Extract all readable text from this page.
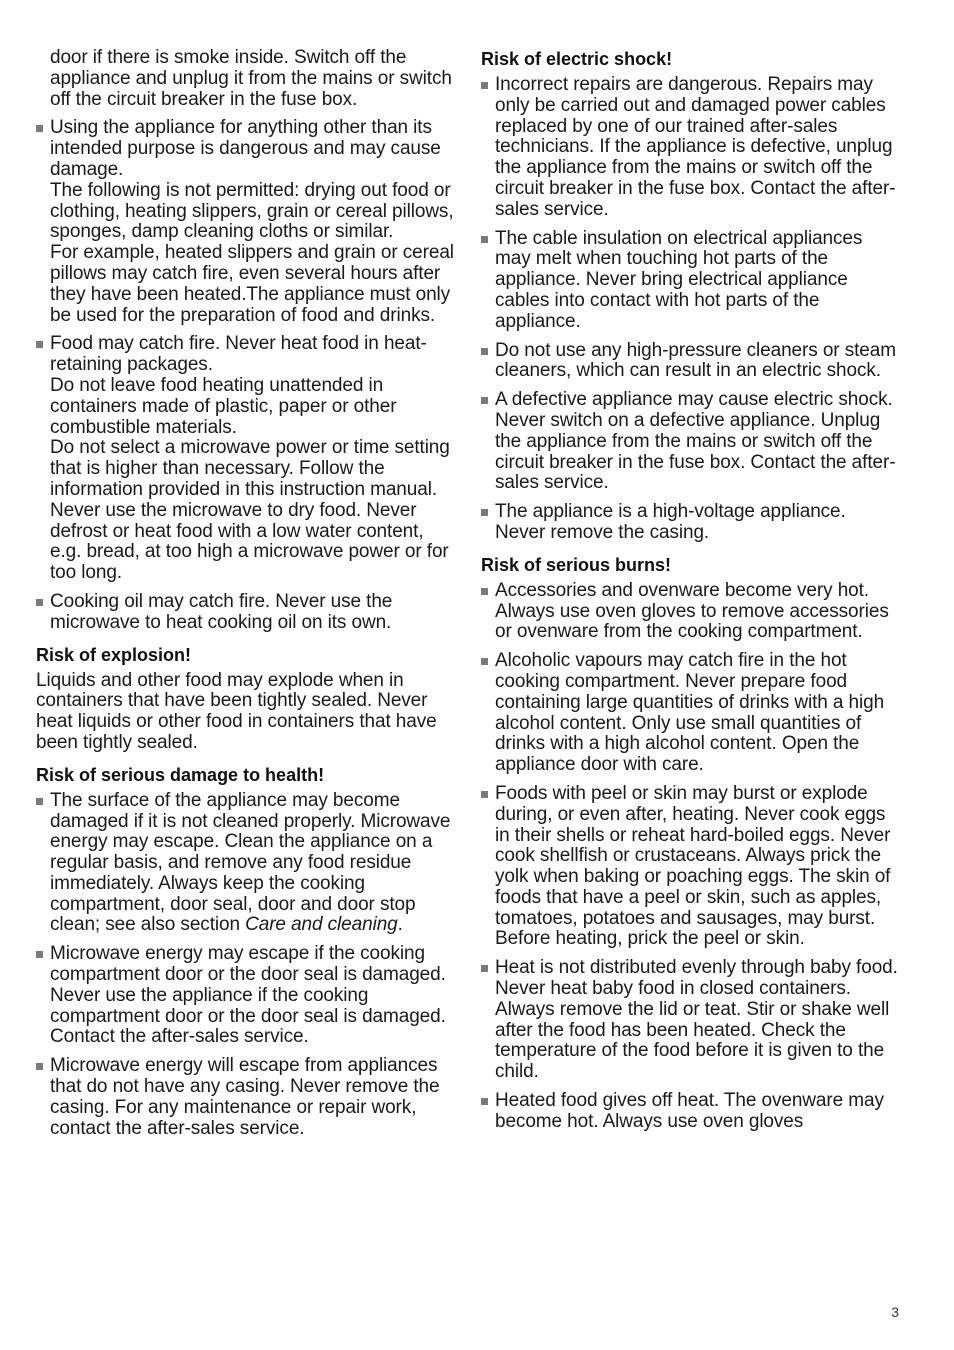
door if there is smoke inside. Switch off the appliance and unplug it from the mains or switch off the circuit breaker in the fuse box.
Using the appliance for anything other than its intended purpose is dangerous and may cause damage.
The following is not permitted: drying out food or clothing, heating slippers, grain or cereal pillows, sponges, damp cleaning cloths or similar.
For example, heated slippers and grain or cereal pillows may catch fire, even several hours after they have been heated.The appliance must only be used for the preparation of food and drinks.
Food may catch fire. Never heat food in heat-retaining packages.
Do not leave food heating unattended in containers made of plastic, paper or other combustible materials.
Do not select a microwave power or time setting that is higher than necessary. Follow the information provided in this instruction manual.
Never use the microwave to dry food. Never defrost or heat food with a low water content, e.g. bread, at too high a microwave power or for too long.
Cooking oil may catch fire. Never use the microwave to heat cooking oil on its own.
Risk of explosion!
Liquids and other food may explode when in containers that have been tightly sealed. Never heat liquids or other food in containers that have been tightly sealed.
Risk of serious damage to health!
The surface of the appliance may become damaged if it is not cleaned properly. Microwave energy may escape. Clean the appliance on a regular basis, and remove any food residue immediately. Always keep the cooking compartment, door seal, door and door stop clean; see also section Care and cleaning.
Microwave energy may escape if the cooking compartment door or the door seal is damaged. Never use the appliance if the cooking compartment door or the door seal is damaged. Contact the after-sales service.
Microwave energy will escape from appliances that do not have any casing. Never remove the casing. For any maintenance or repair work, contact the after-sales service.
Risk of electric shock!
Incorrect repairs are dangerous. Repairs may only be carried out and damaged power cables replaced by one of our trained after-sales technicians. If the appliance is defective, unplug the appliance from the mains or switch off the circuit breaker in the fuse box. Contact the after-sales service.
The cable insulation on electrical appliances may melt when touching hot parts of the appliance. Never bring electrical appliance cables into contact with hot parts of the appliance.
Do not use any high-pressure cleaners or steam cleaners, which can result in an electric shock.
A defective appliance may cause electric shock. Never switch on a defective appliance. Unplug the appliance from the mains or switch off the circuit breaker in the fuse box. Contact the after-sales service.
The appliance is a high-voltage appliance. Never remove the casing.
Risk of serious burns!
Accessories and ovenware become very hot. Always use oven gloves to remove accessories or ovenware from the cooking compartment.
Alcoholic vapours may catch fire in the hot cooking compartment. Never prepare food containing large quantities of drinks with a high alcohol content. Only use small quantities of drinks with a high alcohol content. Open the appliance door with care.
Foods with peel or skin may burst or explode during, or even after, heating. Never cook eggs in their shells or reheat hard-boiled eggs. Never cook shellfish or crustaceans. Always prick the yolk when baking or poaching eggs. The skin of foods that have a peel or skin, such as apples, tomatoes, potatoes and sausages, may burst. Before heating, prick the peel or skin.
Heat is not distributed evenly through baby food. Never heat baby food in closed containers. Always remove the lid or teat. Stir or shake well after the food has been heated. Check the temperature of the food before it is given to the child.
Heated food gives off heat. The ovenware may become hot. Always use oven gloves
3
